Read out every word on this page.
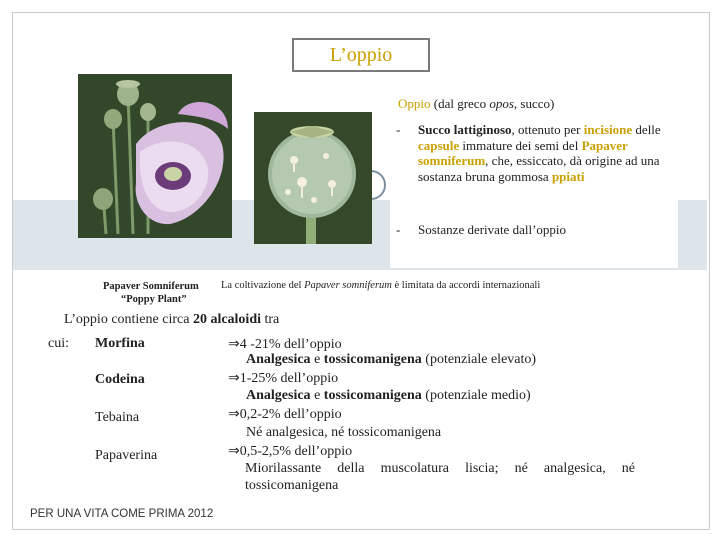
L’oppio
Oppio (dal greco opos, succo)
- Succo lattiginoso, ottenuto per incisione delle capsule immature dei semi del Papaver somniferum, che, essiccato, dà origine ad una sostanza bruna gommosa ppiati
- Sostanze derivate dall’oppio
Papaver Somniferum
“Poppy Plant”
La coltivazione del Papaver somniferum è limitata da accordi internazionali
L’oppio contiene circa 20 alcaloidi tra
cui: Morfina	⇒4 -21% dell’oppio
Analgesica e tossicomanigena (potenziale elevato)
Codeina	⇒1-25% dell’oppio
Analgesica e tossicomanigena (potenziale medio)
Tebaina	⇒0,2-2% dell’oppio
Né analgesica, né tossicomanigena
Papaverina	⇒0,5-2,5% dell’oppio
Miorilassante della muscolatura liscia; né analgesica, né tossicomanigena
PER UNA VITA COME PRIMA 2012
